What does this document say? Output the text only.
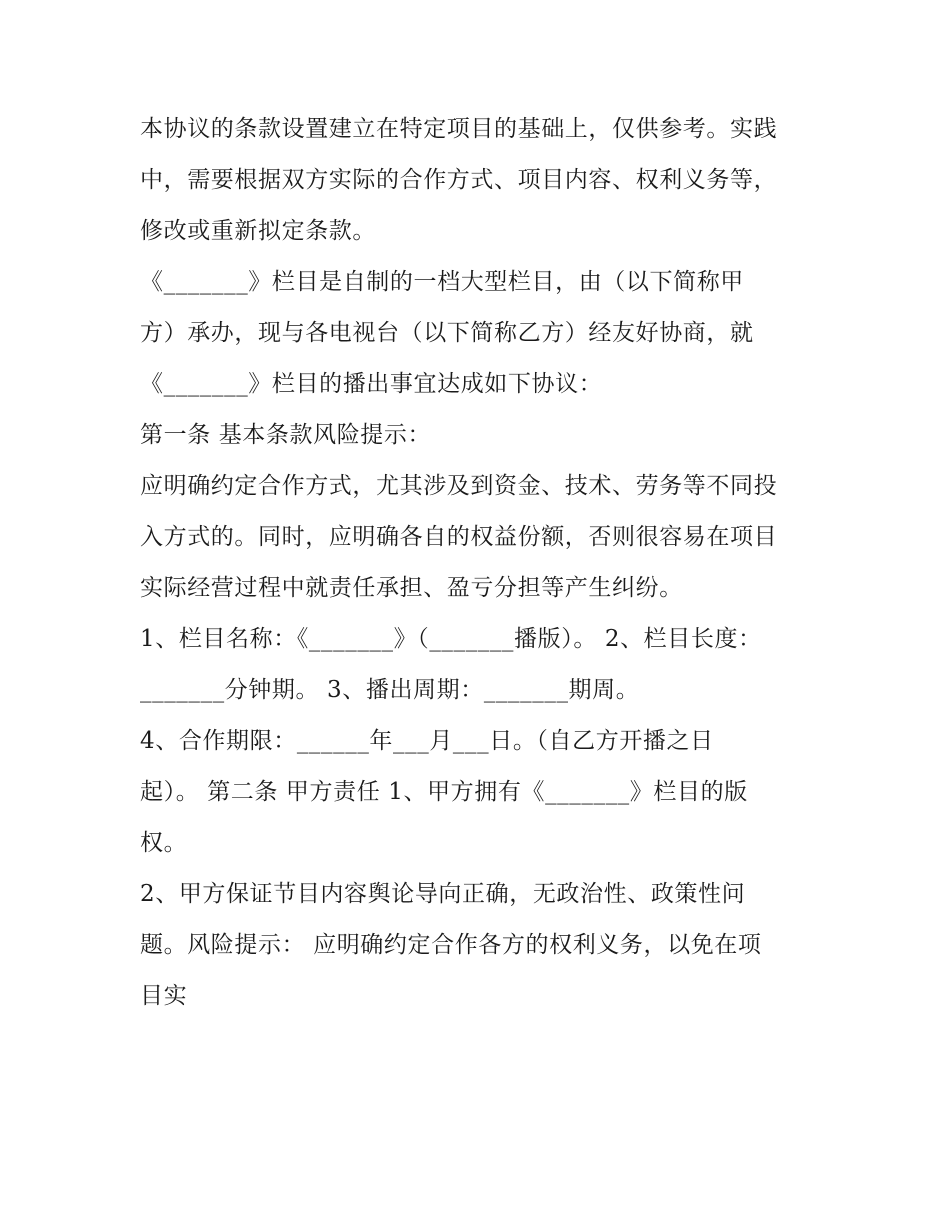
本协议的条款设置建立在特定项目的基础上，仅供参考。实践
中，需要根据双方实际的合作方式、项目内容、权利义务等，
修改或重新拟定条款。
《_______》栏目是自制的一档大型栏目，由（以下简称甲
方）承办，现与各电视台（以下简称乙方）经友好协商，就
《_______》栏目的播出事宜达成如下协议：
第一条 基本条款风险提示：
应明确约定合作方式，尤其涉及到资金、技术、劳务等不同投
入方式的。同时，应明确各自的权益份额，否则很容易在项目
实际经营过程中就责任承担、盈亏分担等产生纠纷。
1、栏目名称：《_______》（_______播版）。 2、栏目长度：
_______分钟期。 3、播出周期：_______期周。
4、合作期限：______年___月___日。（自乙方开播之日
起）。 第二条 甲方责任 1、甲方拥有《_______》栏目的版
权。
2、甲方保证节目内容舆论导向正确，无政治性、政策性问
题。风险提示： 应明确约定合作各方的权利义务，以免在项
目实
